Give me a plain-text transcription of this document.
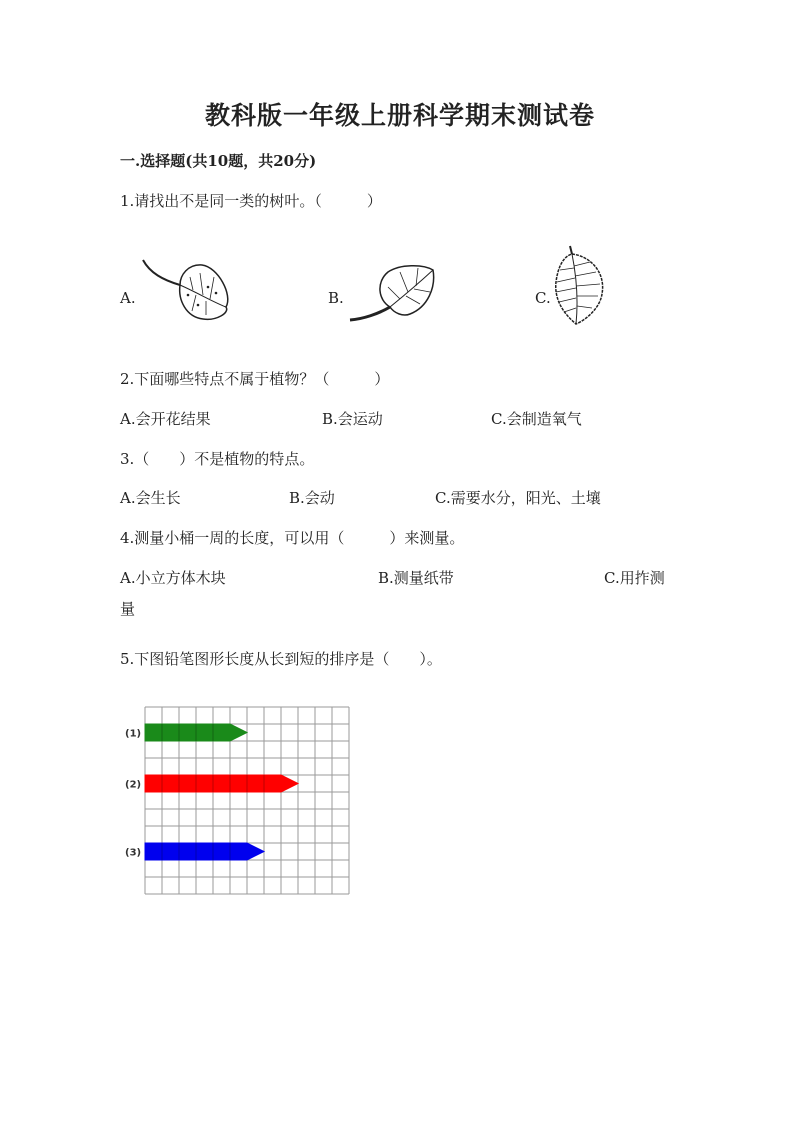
教科版一年级上册科学期末测试卷
一.选择题(共10题，共20分)
1.请找出不是同一类的树叶。（　　　）
A.	B.	C.
2.下面哪些特点不属于植物？（　　　）
A.会开花结果	B.会运动	C.会制造氧气
3.（　　）不是植物的特点。
A.会生长	B.会动	C.需要水分，阳光、土壤
4.测量小桶一周的长度，可以用（　　　）来测量。
A.小立方体木块	B.测量纸带	C.用拃测
量
5.下图铅笔图形长度从长到短的排序是（　　）。
(1)
(2)
(3)
